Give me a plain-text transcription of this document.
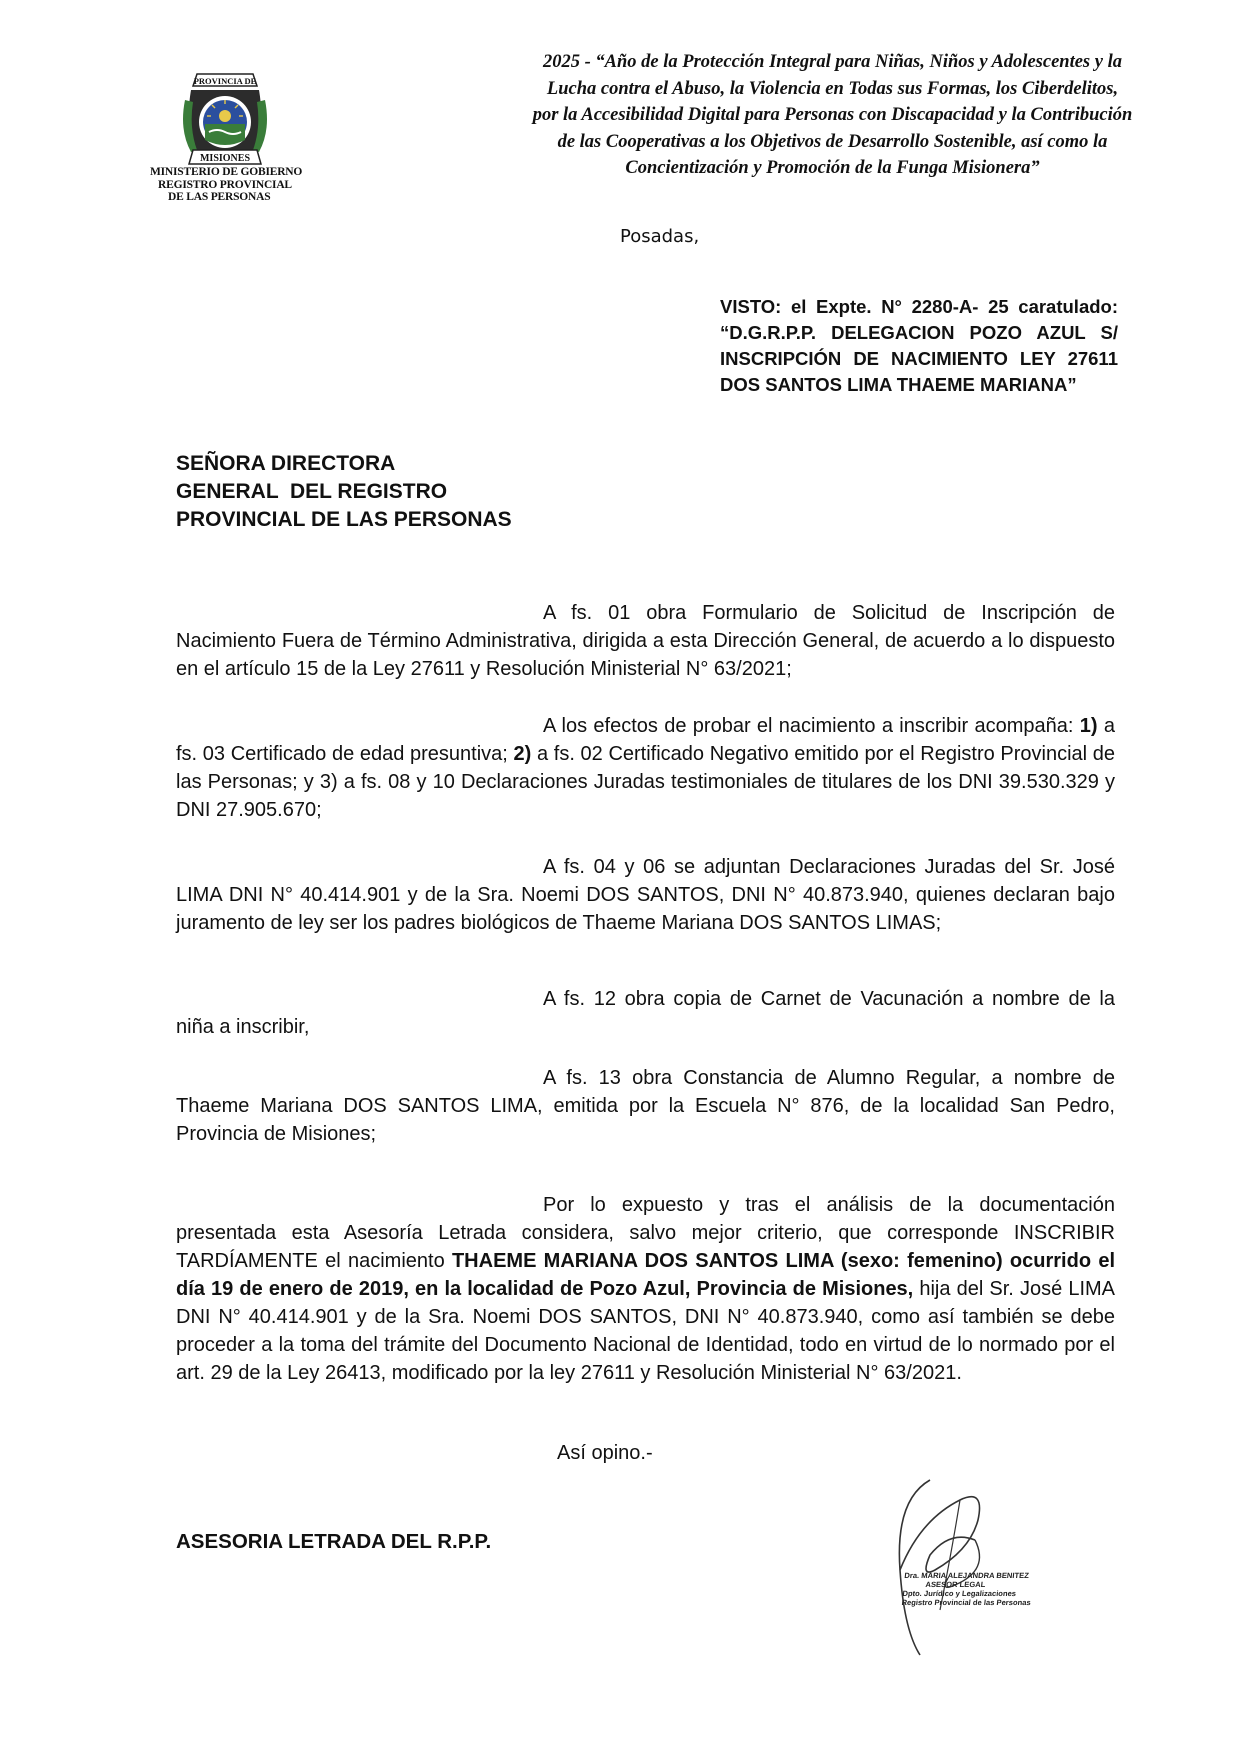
PROVINCIA DE
MISIONES
MINISTERIO DE GOBIERNO
REGISTRO PROVINCIAL
DE LAS PERSONAS
2025 - “Año de la Protección Integral para Niñas, Niños y Adolescentes y la
Lucha contra el Abuso, la Violencia en Todas sus Formas, los Ciberdelitos,
por la Accesibilidad Digital para Personas con Discapacidad y la Contribución
de las Cooperativas a los Objetivos de Desarrollo Sostenible, así como la
Concientización y Promoción de la Funga Misionera”
Posadas,
VISTO: el Expte. N° 2280-A- 25 caratulado: “D.G.R.P.P. DELEGACION POZO AZUL S/ INSCRIPCIÓN DE NACIMIENTO LEY 27611 DOS SANTOS LIMA THAEME MARIANA”
SEÑORA DIRECTORA
GENERAL  DEL REGISTRO
PROVINCIAL DE LAS PERSONAS
A fs. 01 obra Formulario de Solicitud de Inscripción de Nacimiento Fuera de Término Administrativa, dirigida a esta Dirección General, de acuerdo a lo dispuesto en el artículo 15 de la Ley 27611 y Resolución Ministerial N° 63/2021;
A los efectos de probar el nacimiento a inscribir acompaña: 1) a fs. 03 Certificado de edad presuntiva; 2) a fs. 02 Certificado Negativo emitido por el Registro Provincial de las Personas; y 3) a fs. 08 y 10 Declaraciones Juradas testimoniales de titulares de los DNI 39.530.329 y DNI 27.905.670;
A fs. 04 y 06 se adjuntan Declaraciones Juradas del Sr. José LIMA DNI N° 40.414.901 y de la Sra. Noemi DOS SANTOS, DNI N° 40.873.940, quienes declaran bajo juramento de ley ser los padres biológicos de Thaeme Mariana DOS SANTOS LIMAS;
A fs. 12 obra copia de Carnet de Vacunación a nombre de la niña a inscribir,
A fs. 13 obra Constancia de Alumno Regular, a nombre de Thaeme Mariana DOS SANTOS LIMA, emitida por la Escuela N° 876, de la localidad San Pedro, Provincia de Misiones;
Por lo expuesto y tras el análisis de la documentación presentada esta Asesoría Letrada considera, salvo mejor criterio, que corresponde INSCRIBIR TARDÍAMENTE el nacimiento THAEME MARIANA DOS SANTOS LIMA (sexo: femenino) ocurrido el día 19 de enero de 2019, en la localidad de Pozo Azul, Provincia de Misiones, hija del Sr. José LIMA DNI N° 40.414.901 y de la Sra. Noemi DOS SANTOS, DNI N° 40.873.940, como así también se debe proceder a la toma del trámite del Documento Nacional de Identidad, todo en virtud de lo normado por el art. 29 de la Ley 26413, modificado por la ley 27611 y Resolución Ministerial N° 63/2021.
Así opino.-
ASESORIA LETRADA DEL R.P.P.
Dra. MARIA ALEJANDRA BENITEZ
ASESOR LEGAL
Dpto. Jurídico y Legalizaciones
Registro Provincial de las Personas
